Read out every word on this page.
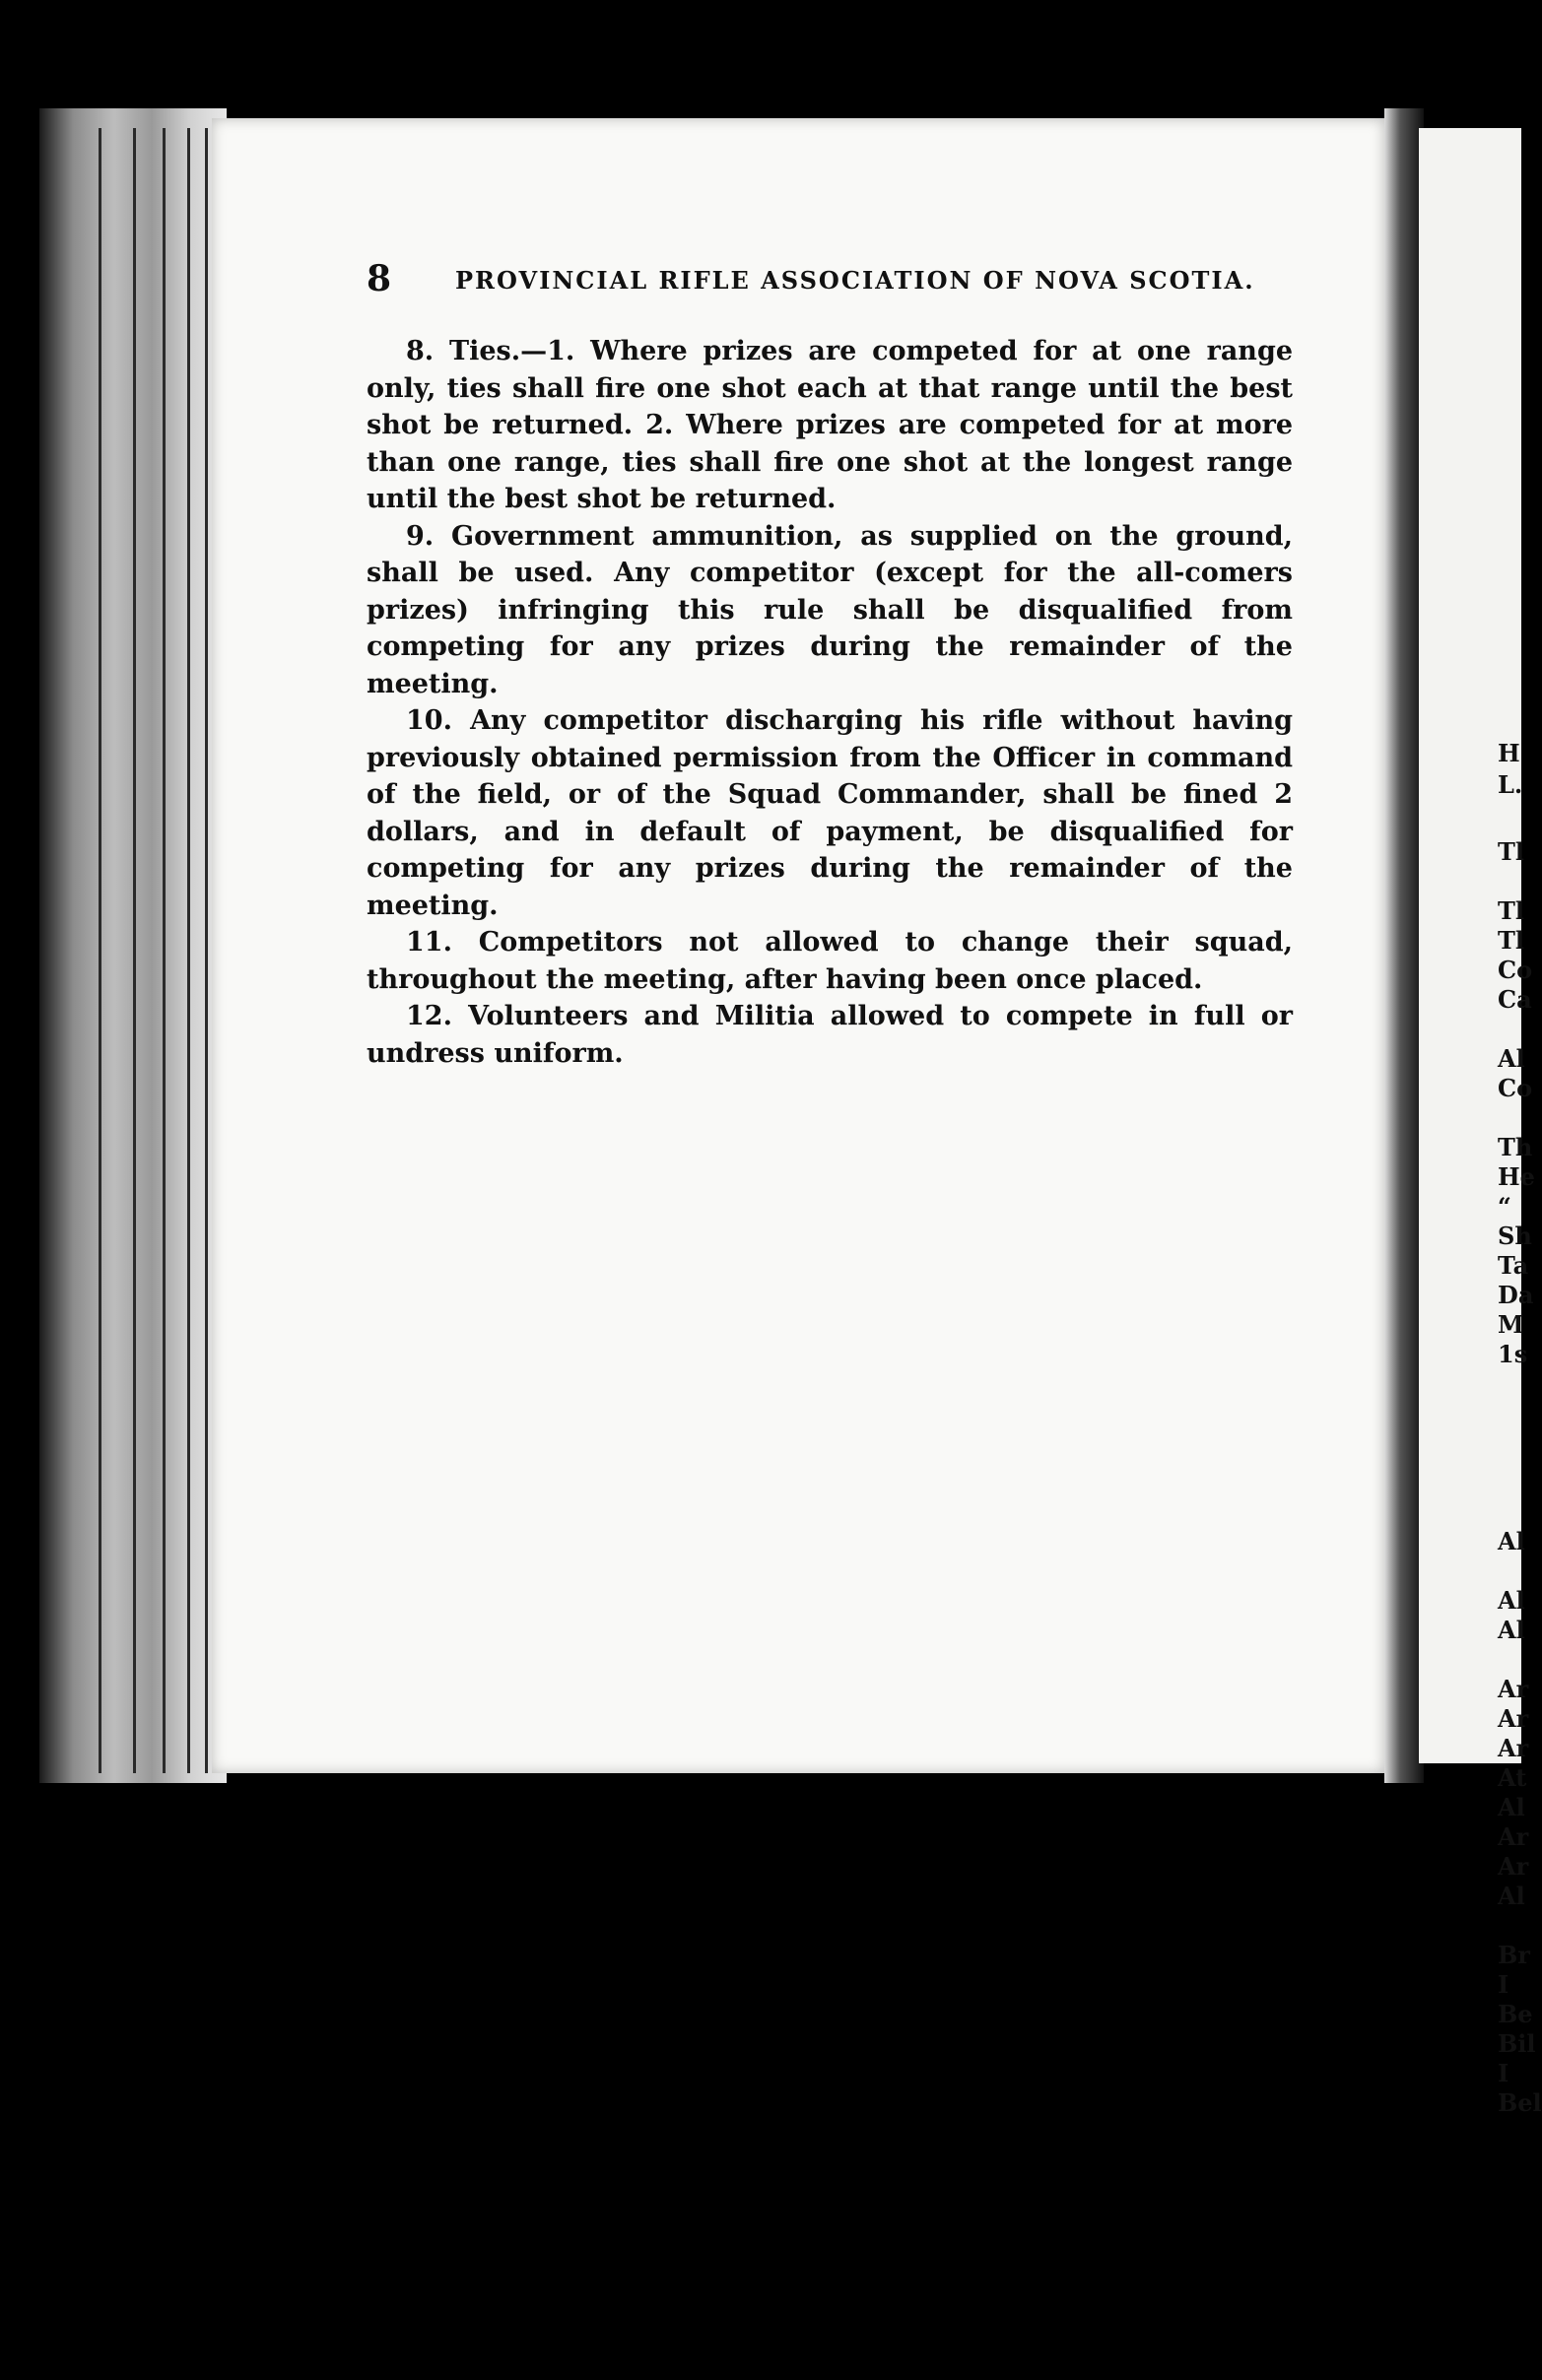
8	PROVINCIAL RIFLE ASSOCIATION OF NOVA SCOTIA.

8. Ties.—1. Where prizes are competed for at one range only, ties shall fire one shot each at that range until the best shot be returned. 2. Where prizes are competed for at more than one range, ties shall fire one shot at the longest range until the best shot be returned.

9. Government ammunition, as supplied on the ground, shall be used. Any competitor (except for the all-comers prizes) infringing this rule shall be disqualified from competing for any prizes during the remainder of the meeting.

10. Any competitor discharging his rifle without having previously obtained permission from the Officer in command of the field, or of the Squad Commander, shall be fined 2 dollars, and in default of payment, be disqualified for competing for any prizes during the remainder of the meeting.

11. Competitors not allowed to change their squad, throughout the meeting, after having been once placed.

12. Volunteers and Militia allowed to compete in full or undress uniform.

H
L.
Tl
Tl
Tl
Co
Ca
Al
Co
Th
He
“
Sh
Ta
Da
M
1s
Al
Al
Al
Ar
Ar
Ar
At
Al
Ar
Ar
Al
Br
I
Be
Bil
I
Bel
